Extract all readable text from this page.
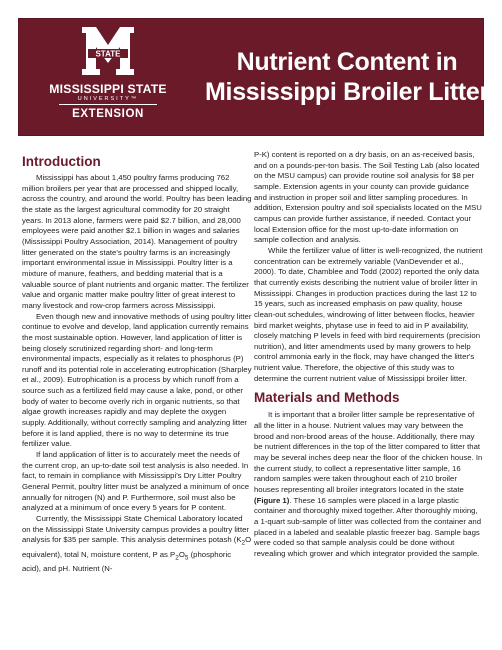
STATE
MISSISSIPPI STATE
UNIVERSITY™
EXTENSION
Nutrient Content in
Mississippi Broiler Litter
Introduction

Mississippi has about 1,450 poultry farms producing 762 million broilers per year that are processed and shipped locally, across the country, and around the world. Poultry has been leading the state as the largest agricultural commodity for 20 straight years. In 2013 alone, farmers were paid $2.7 billion, and 28,000 employees were paid another $2.1 billion in wages and salaries (Mississippi Poultry Association, 2014). Management of poultry litter generated on the state's poultry farms is an increasingly important environmental issue in Mississippi. Poultry litter is a mixture of manure, feathers, and bedding material that is a valuable source of plant nutrients and organic matter. The fertilizer value and organic matter make poultry litter of great interest to many livestock and row-crop farmers across Mississippi.

Even though new and innovative methods of using poultry litter continue to evolve and develop, land application currently remains the most sustainable option. However, land application of litter is being closely scrutinized regarding short- and long-term environmental impacts, especially as it relates to phosphorus (P) runoff and its potential role in accelerating eutrophication (Sharpley et al., 2009). Eutrophication is a process by which runoff from a source such as a fertilized field may cause a lake, pond, or other body of water to become overly rich in organic nutrients, so that algae growth increases rapidly and may deplete the oxygen supply. Additionally, without correctly sampling and analyzing litter before it is land applied, there is no way to determine its true fertilizer value.

If land application of litter is to accurately meet the needs of the current crop, an up-to-date soil test analysis is also needed. In fact, to remain in compliance with Mississippi's Dry Litter Poultry General Permit, poultry litter must be analyzed a minimum of once annually for nitrogen (N) and P. Furthermore, soil must also be analyzed at a minimum of once every 5 years for P content.

Currently, the Mississippi State Chemical Laboratory located on the Mississippi State University campus provides a poultry litter analysis for $35 per sample. This analysis determines potash ($K_2O$ equivalent), total N, moisture content, P as $P_2O_5$ (phosphoric acid), and pH. Nutrient (N-

P-K) content is reported on a dry basis, on an as-received basis, and on a pounds-per-ton basis. The Soil Testing Lab (also located on the MSU campus) can provide routine soil analysis for $8 per sample. Extension agents in your county can provide guidance and instruction in proper soil and litter sampling procedures. In addition, Extension poultry and soil specialists located on the MSU campus can provide further assistance, if needed. Contact your local Extension office for the most up-to-date information on sample collection and analysis.

While the fertilizer value of litter is well-recognized, the nutrient concentration can be extremely variable (VanDevender et al., 2000). To date, Chamblee and Todd (2002) reported the only data that currently exists describing the nutrient value of broiler litter in Mississippi. Changes in production practices during the last 12 to 15 years, such as increased emphasis on paw quality, house clean-out schedules, windrowing of litter between flocks, heavier bird market weights, phytase use in feed to aid in P availability, closely matching P levels in feed with bird requirements (precision nutrition), and litter amendments used by many growers to help control ammonia early in the flock, may have changed the litter's nutrient value. Therefore, the objective of this study was to determine the current nutrient value of Mississippi broiler litter.

Materials and Methods

It is important that a broiler litter sample be representative of all the litter in a house. Nutrient values may vary between the brood and non-brood areas of the house. Additionally, there may be nutrient differences in the top of the litter compared to litter that may be several inches deep near the floor of the chicken house. In the current study, to collect a representative litter sample, 16 random samples were taken throughout each of 210 broiler houses representing all broiler integrators located in the state (Figure 1). These 16 samples were placed in a large plastic container and thoroughly mixed together. After thoroughly mixing, a 1-quart sub-sample of litter was collected from the container and placed in a labeled and sealable plastic freezer bag. Sample bags were coded so that sample analysis could be done without revealing which grower and which integrator provided the sample.
